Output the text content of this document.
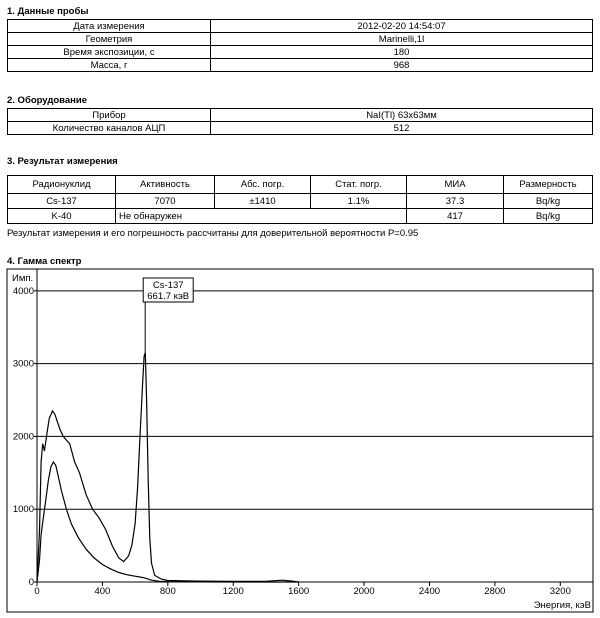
1. Данные пробы
Дата измерения	2012-02-20 14:54:07
Геометрия	Marinelli,1l
Время экспозиции, с	180
Масса, г	968
2. Оборудование
Прибор	NaI(Tl) 63x63мм
Количество каналов АЦП	512
3. Результат измерения
Радионуклид	Активность	Абс. погр.	Стат. погр.	МИА	Размерность
Cs-137	7070	±1410	1.1%	37.3	Bq/kg
K-40	Не обнаружен			417	Bq/kg
Результат измерения и его погрешность рассчитаны для доверительной вероятности P=0.95
4. Гамма спектр
0
1000
2000
3000
4000
0	400	800	1200	1600	2000	2400	2800	3200
Имп.
Энергия, кэВ
Cs-137
661.7 кэВ
